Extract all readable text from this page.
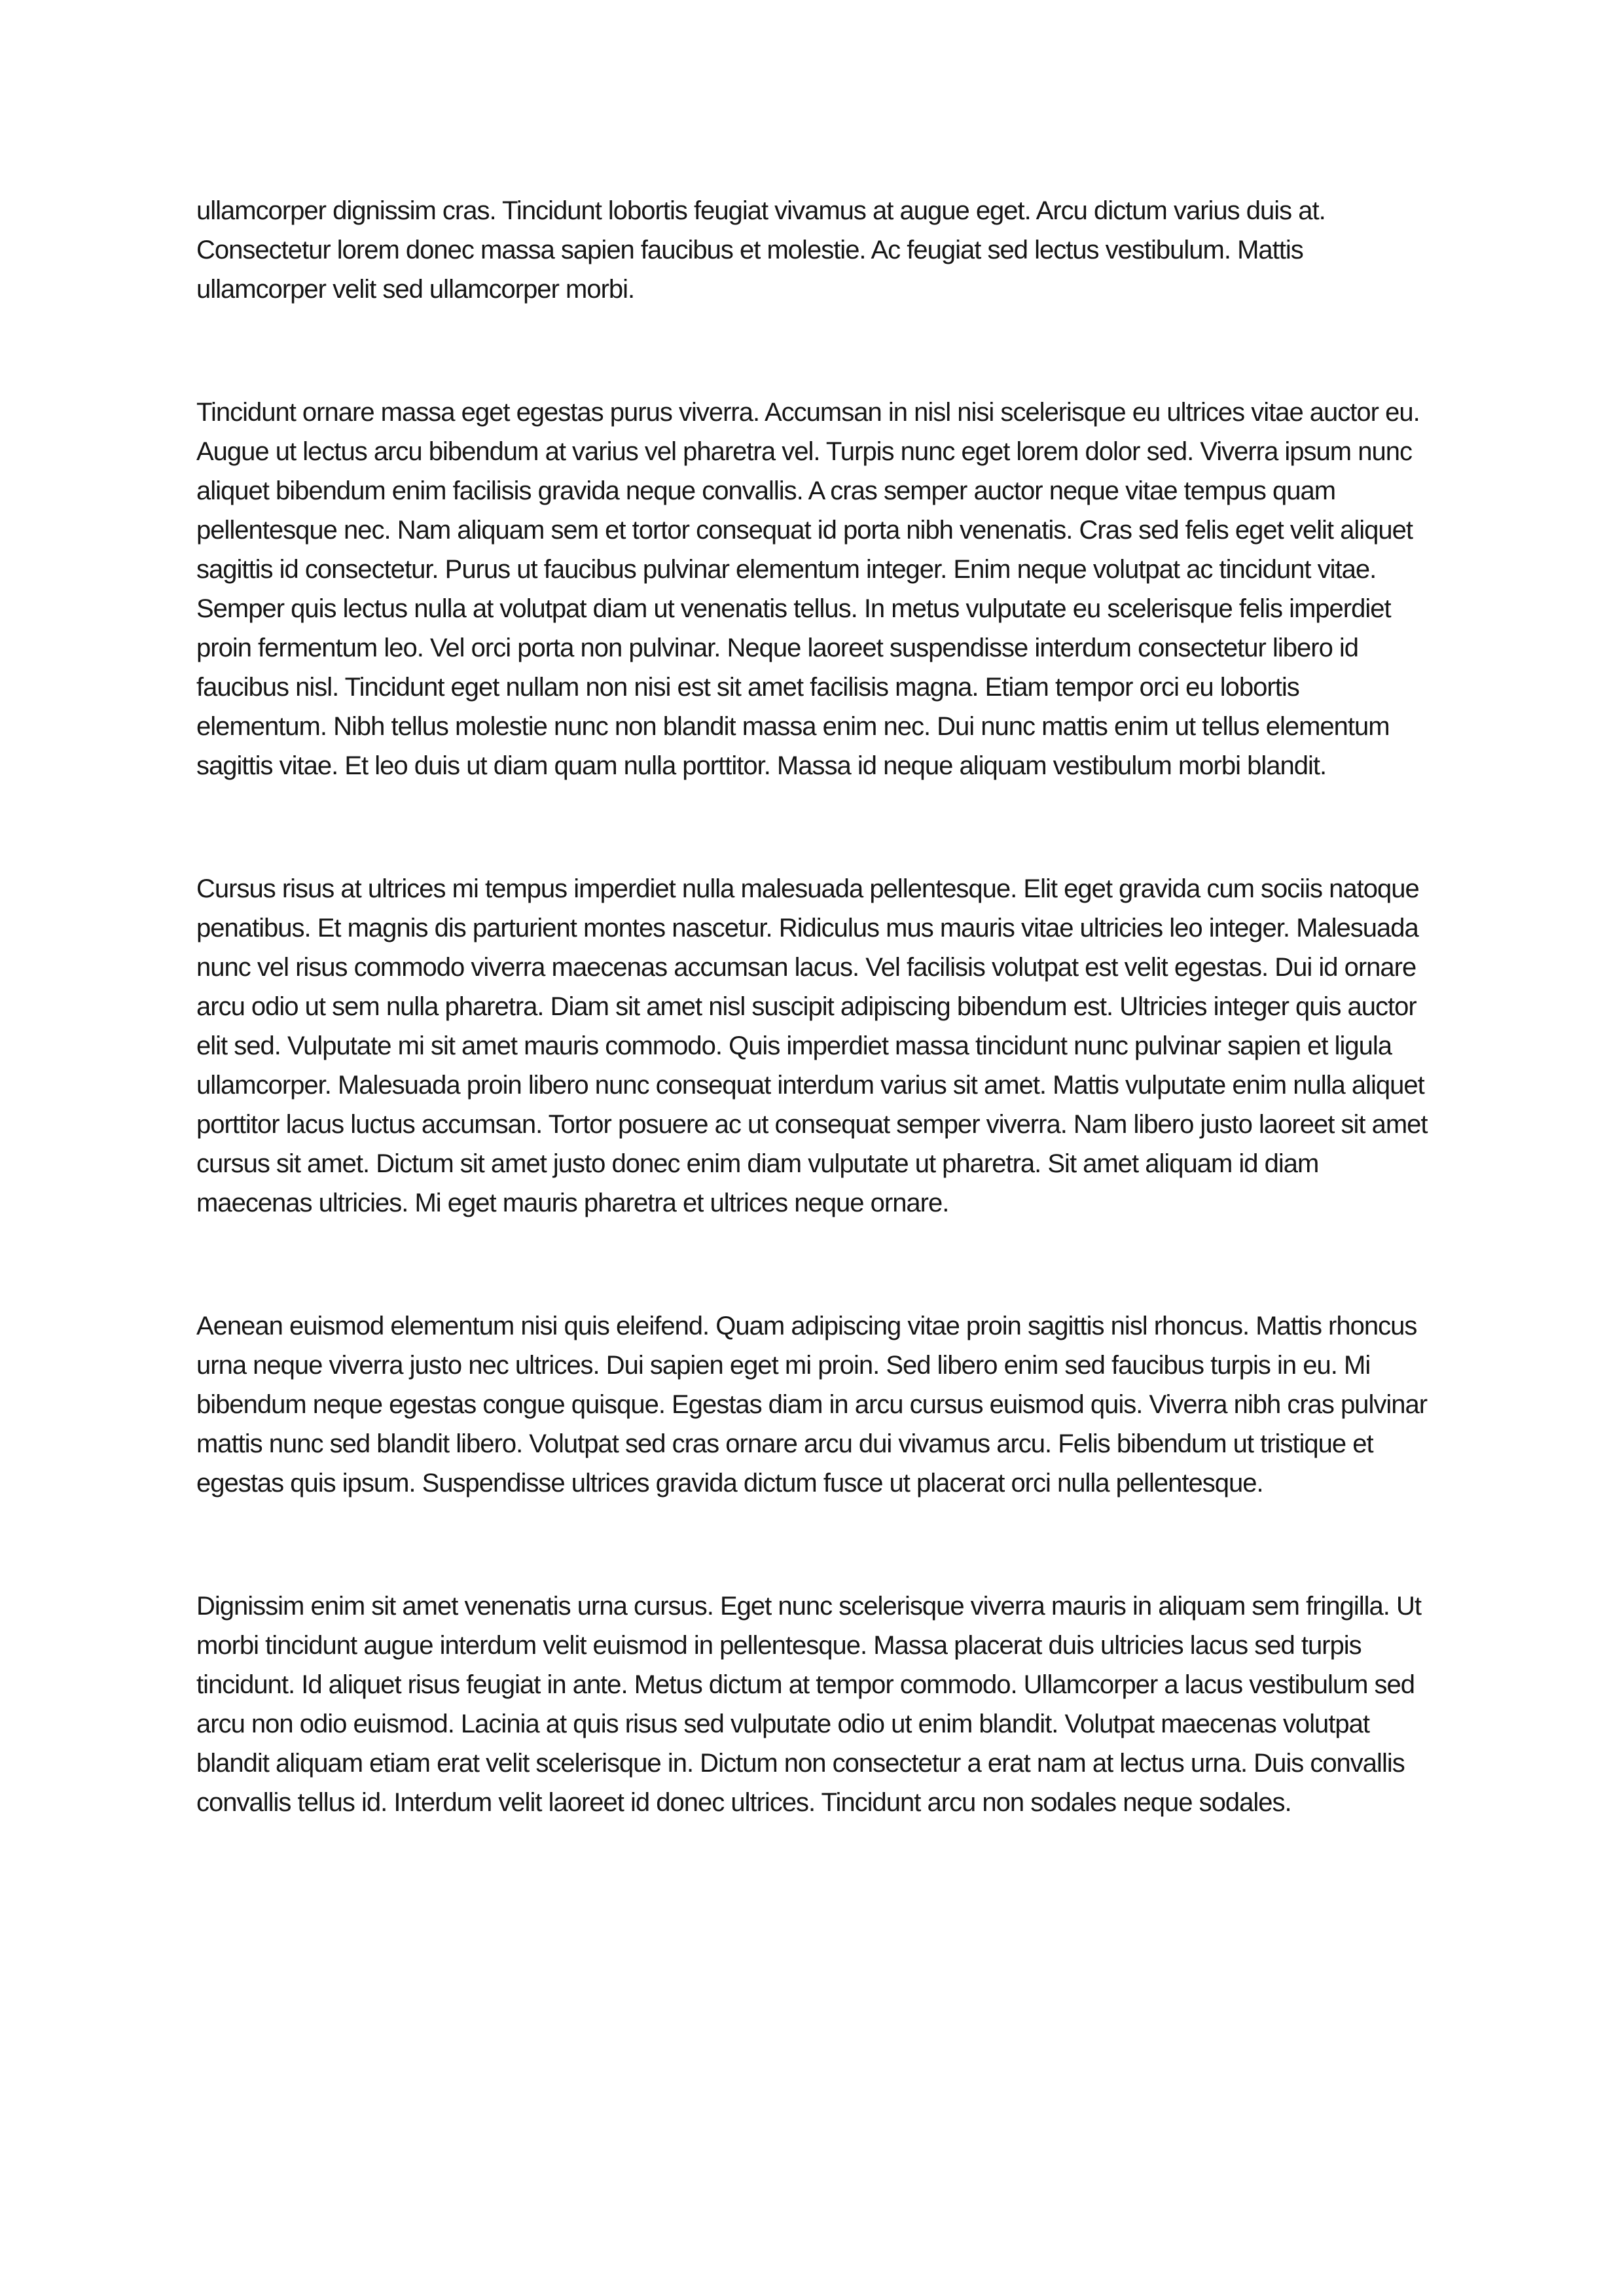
ullamcorper dignissim cras. Tincidunt lobortis feugiat vivamus at augue eget. Arcu dictum varius duis at. Consectetur lorem donec massa sapien faucibus et molestie. Ac feugiat sed lectus vestibulum. Mattis ullamcorper velit sed ullamcorper morbi.

Tincidunt ornare massa eget egestas purus viverra. Accumsan in nisl nisi scelerisque eu ultrices vitae auctor eu. Augue ut lectus arcu bibendum at varius vel pharetra vel. Turpis nunc eget lorem dolor sed. Viverra ipsum nunc aliquet bibendum enim facilisis gravida neque convallis. A cras semper auctor neque vitae tempus quam pellentesque nec. Nam aliquam sem et tortor consequat id porta nibh venenatis. Cras sed felis eget velit aliquet sagittis id consectetur. Purus ut faucibus pulvinar elementum integer. Enim neque volutpat ac tincidunt vitae. Semper quis lectus nulla at volutpat diam ut venenatis tellus. In metus vulputate eu scelerisque felis imperdiet proin fermentum leo. Vel orci porta non pulvinar. Neque laoreet suspendisse interdum consectetur libero id faucibus nisl. Tincidunt eget nullam non nisi est sit amet facilisis magna. Etiam tempor orci eu lobortis elementum. Nibh tellus molestie nunc non blandit massa enim nec. Dui nunc mattis enim ut tellus elementum sagittis vitae. Et leo duis ut diam quam nulla porttitor. Massa id neque aliquam vestibulum morbi blandit.

Cursus risus at ultrices mi tempus imperdiet nulla malesuada pellentesque. Elit eget gravida cum sociis natoque penatibus. Et magnis dis parturient montes nascetur. Ridiculus mus mauris vitae ultricies leo integer. Malesuada nunc vel risus commodo viverra maecenas accumsan lacus. Vel facilisis volutpat est velit egestas. Dui id ornare arcu odio ut sem nulla pharetra. Diam sit amet nisl suscipit adipiscing bibendum est. Ultricies integer quis auctor elit sed. Vulputate mi sit amet mauris commodo. Quis imperdiet massa tincidunt nunc pulvinar sapien et ligula ullamcorper. Malesuada proin libero nunc consequat interdum varius sit amet. Mattis vulputate enim nulla aliquet porttitor lacus luctus accumsan. Tortor posuere ac ut consequat semper viverra. Nam libero justo laoreet sit amet cursus sit amet. Dictum sit amet justo donec enim diam vulputate ut pharetra. Sit amet aliquam id diam maecenas ultricies. Mi eget mauris pharetra et ultrices neque ornare.

Aenean euismod elementum nisi quis eleifend. Quam adipiscing vitae proin sagittis nisl rhoncus. Mattis rhoncus urna neque viverra justo nec ultrices. Dui sapien eget mi proin. Sed libero enim sed faucibus turpis in eu. Mi bibendum neque egestas congue quisque. Egestas diam in arcu cursus euismod quis. Viverra nibh cras pulvinar mattis nunc sed blandit libero. Volutpat sed cras ornare arcu dui vivamus arcu. Felis bibendum ut tristique et egestas quis ipsum. Suspendisse ultrices gravida dictum fusce ut placerat orci nulla pellentesque.

Dignissim enim sit amet venenatis urna cursus. Eget nunc scelerisque viverra mauris in aliquam sem fringilla. Ut morbi tincidunt augue interdum velit euismod in pellentesque. Massa placerat duis ultricies lacus sed turpis tincidunt. Id aliquet risus feugiat in ante. Metus dictum at tempor commodo. Ullamcorper a lacus vestibulum sed arcu non odio euismod. Lacinia at quis risus sed vulputate odio ut enim blandit. Volutpat maecenas volutpat blandit aliquam etiam erat velit scelerisque in. Dictum non consectetur a erat nam at lectus urna. Duis convallis convallis tellus id. Interdum velit laoreet id donec ultrices. Tincidunt arcu non sodales neque sodales.
